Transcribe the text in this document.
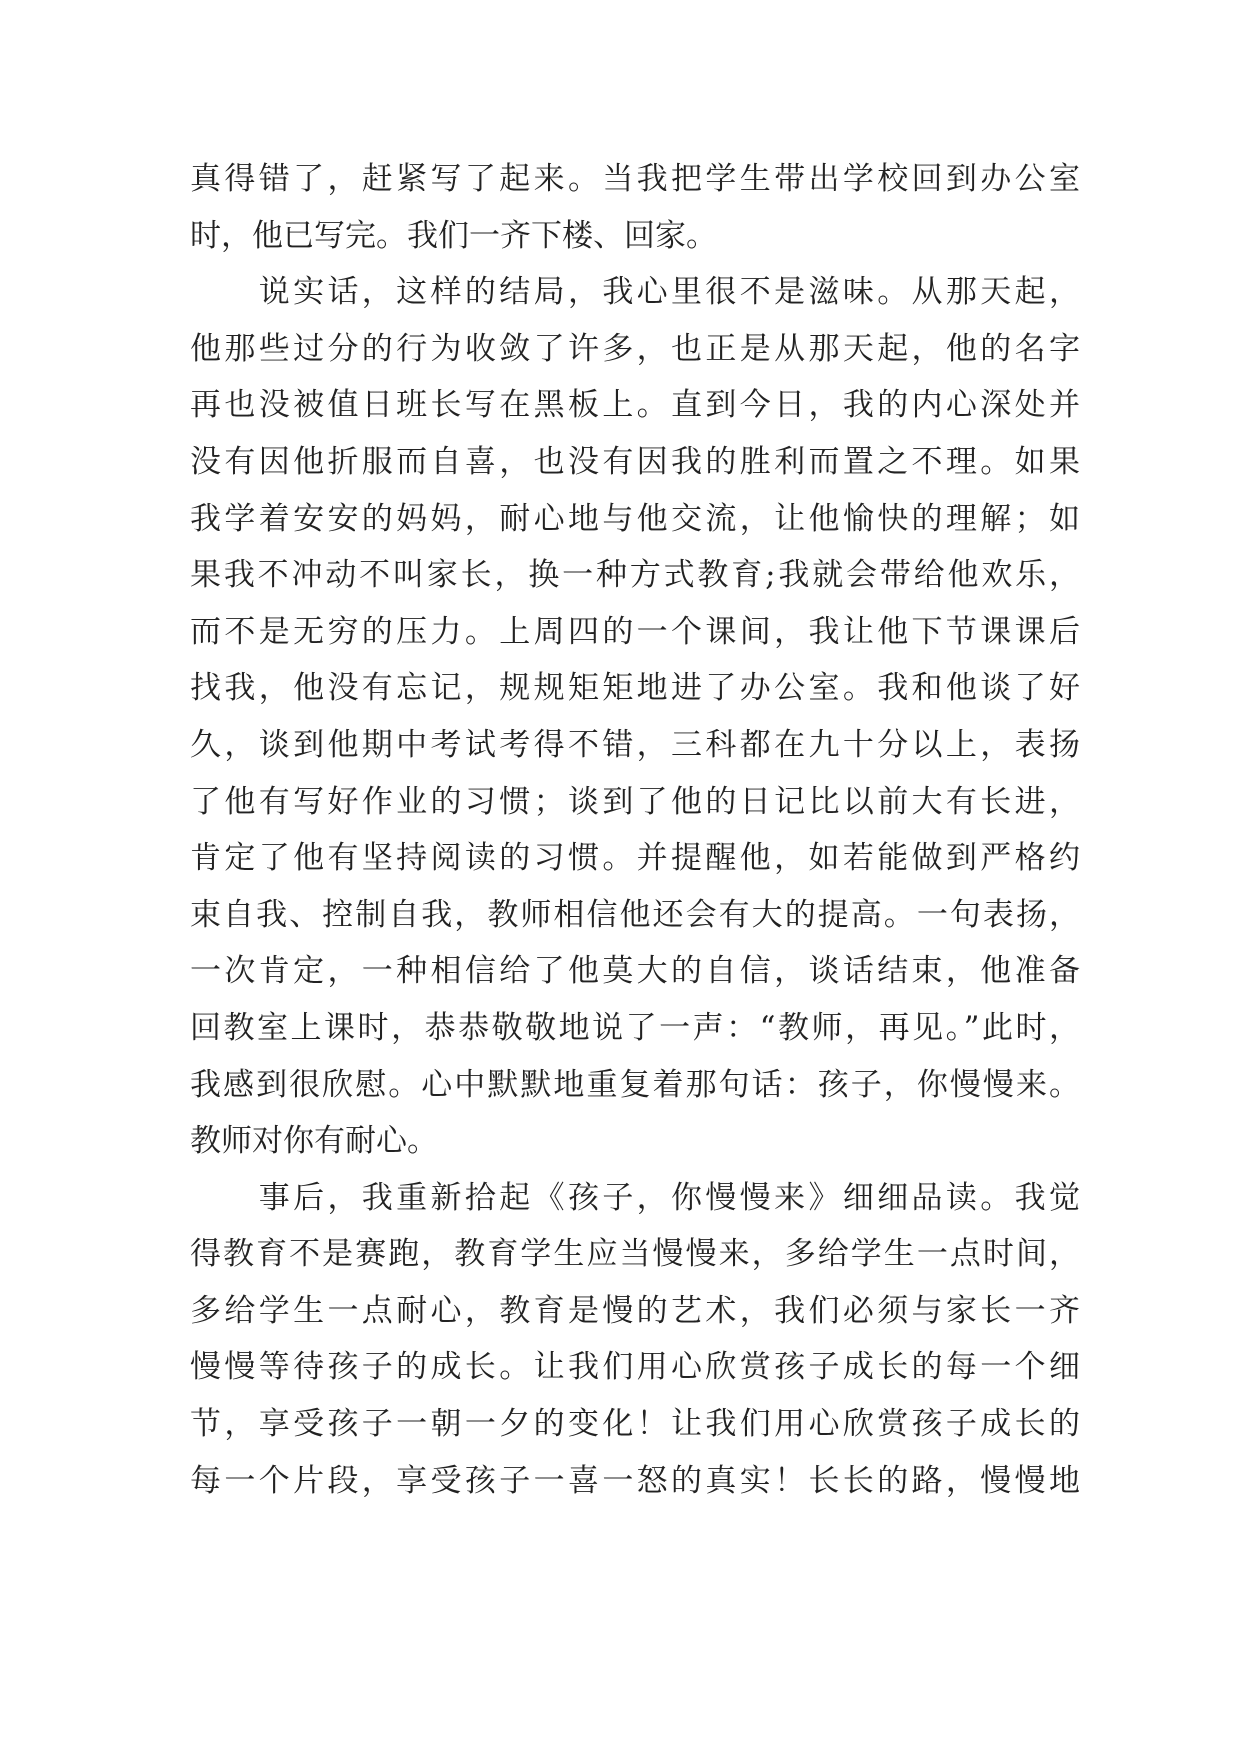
真得错了，赶紧写了起来。当我把学生带出学校回到办公室
时，他已写完。我们一齐下楼、回家。
　　说实话，这样的结局，我心里很不是滋味。从那天起，
他那些过分的行为收敛了许多，也正是从那天起，他的名字
再也没被值日班长写在黑板上。直到今日，我的内心深处并
没有因他折服而自喜，也没有因我的胜利而置之不理。如果
我学着安安的妈妈，耐心地与他交流，让他愉快的理解；如
果我不冲动不叫家长，换一种方式教育;我就会带给他欢乐，
而不是无穷的压力。上周四的一个课间，我让他下节课课后
找我，他没有忘记，规规矩矩地进了办公室。我和他谈了好
久，谈到他期中考试考得不错，三科都在九十分以上，表扬
了他有写好作业的习惯；谈到了他的日记比以前大有长进，
肯定了他有坚持阅读的习惯。并提醒他，如若能做到严格约
束自我、控制自我，教师相信他还会有大的提高。一句表扬，
一次肯定，一种相信给了他莫大的自信，谈话结束，他准备
回教室上课时，恭恭敬敬地说了一声：“教师，再见。”此时，
我感到很欣慰。心中默默地重复着那句话：孩子，你慢慢来。
教师对你有耐心。
　　事后，我重新拾起《孩子，你慢慢来》细细品读。我觉
得教育不是赛跑，教育学生应当慢慢来，多给学生一点时间，
多给学生一点耐心，教育是慢的艺术，我们必须与家长一齐
慢慢等待孩子的成长。让我们用心欣赏孩子成长的每一个细
节，享受孩子一朝一夕的变化！让我们用心欣赏孩子成长的
每一个片段，享受孩子一喜一怒的真实！长长的路，慢慢地
